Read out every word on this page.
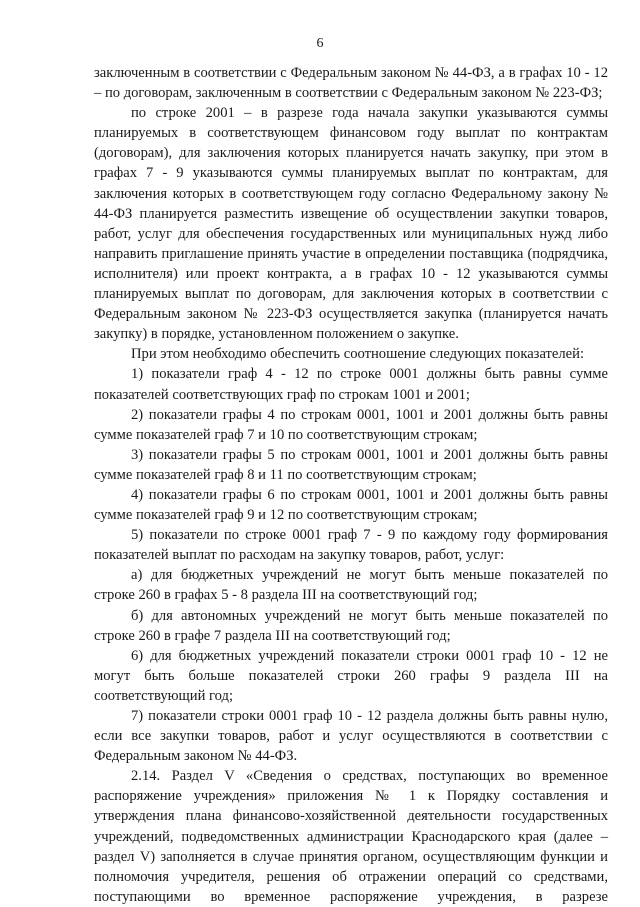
6

заключенным в соответствии с Федеральным законом № 44-ФЗ, а в графах 10 - 12 – по договорам, заключенным в соответствии с Федеральным законом № 223-ФЗ;

по строке 2001 – в разрезе года начала закупки указываются суммы планируемых в соответствующем финансовом году выплат по контрактам (договорам), для заключения которых планируется начать закупку, при этом в графах 7 - 9 указываются суммы планируемых выплат по контрактам, для заключения которых в соответствующем году согласно Федеральному закону № 44-ФЗ планируется разместить извещение об осуществлении закупки товаров, работ, услуг для обеспечения государственных или муниципальных нужд либо направить приглашение принять участие в определении поставщика (подрядчика, исполнителя) или проект контракта, а в графах 10 - 12 указываются суммы планируемых выплат по договорам, для заключения которых в соответствии с Федеральным законом № 223-ФЗ осуществляется закупка (планируется начать закупку) в порядке, установленном положением о закупке.

При этом необходимо обеспечить соотношение следующих показателей:

1) показатели граф 4 - 12 по строке 0001 должны быть равны сумме показателей соответствующих граф по строкам 1001 и 2001;

2) показатели графы 4 по строкам 0001, 1001 и 2001 должны быть равны сумме показателей граф 7 и 10 по соответствующим строкам;

3) показатели графы 5 по строкам 0001, 1001 и 2001 должны быть равны сумме показателей граф 8 и 11 по соответствующим строкам;

4) показатели графы 6 по строкам 0001, 1001 и 2001 должны быть равны сумме показателей граф 9 и 12 по соответствующим строкам;

5) показатели по строке 0001 граф 7 - 9 по каждому году формирования показателей выплат по расходам на закупку товаров, работ, услуг:

а) для бюджетных учреждений не могут быть меньше показателей по строке 260 в графах 5 - 8 раздела III на соответствующий год;

б) для автономных учреждений не могут быть меньше показателей по строке 260 в графе 7 раздела III на соответствующий год;

6) для бюджетных учреждений показатели строки 0001 граф 10 - 12 не могут быть больше показателей строки 260 графы 9 раздела III на соответствующий год;

7) показатели строки 0001 граф 10 - 12 раздела должны быть равны нулю, если все закупки товаров, работ и услуг осуществляются в соответствии с Федеральным законом № 44-ФЗ.

2.14. Раздел V «Сведения о средствах, поступающих во временное распоряжение учреждения» приложения № 1 к Порядку составления и утверждения плана финансово-хозяйственной деятельности государственных учреждений, подведомственных администрации Краснодарского края (далее – раздел V) заполняется в случае принятия органом, осуществляющим функции и полномочия учредителя, решения об отражении операций со средствами, поступающими во временное распоряжение учреждения, в разрезе
